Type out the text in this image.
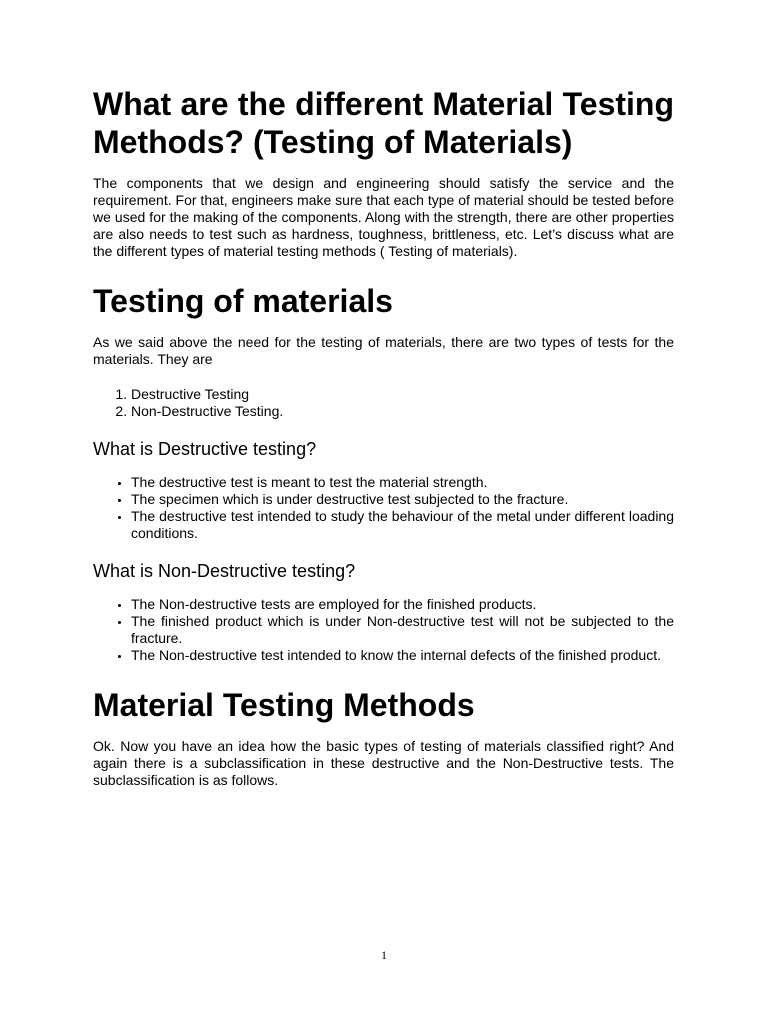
What are the different Material Testing Methods? (Testing of Materials)

The components that we design and engineering should satisfy the service and the requirement. For that, engineers make sure that each type of material should be tested before we used for the making of the components. Along with the strength, there are other properties are also needs to test such as hardness, toughness, brittleness, etc. Let’s discuss what are the different types of material testing methods ( Testing of materials).

Testing of materials

As we said above the need for the testing of materials, there are two types of tests for the materials. They are

1. Destructive Testing
2. Non-Destructive Testing.
What is Destructive testing?
• The destructive test is meant to test the material strength.
• The specimen which is under destructive test subjected to the fracture.
• The destructive test intended to study the behaviour of the metal under different loading conditions.
What is Non-Destructive testing?
• The Non-destructive tests are employed for the finished products.
• The finished product which is under Non-destructive test will not be subjected to the fracture.
• The Non-destructive test intended to know the internal defects of the finished product.
Material Testing Methods

Ok. Now you have an idea how the basic types of testing of materials classified right? And again there is a subclassification in these destructive and the Non-Destructive tests. The subclassification is as follows.

1
